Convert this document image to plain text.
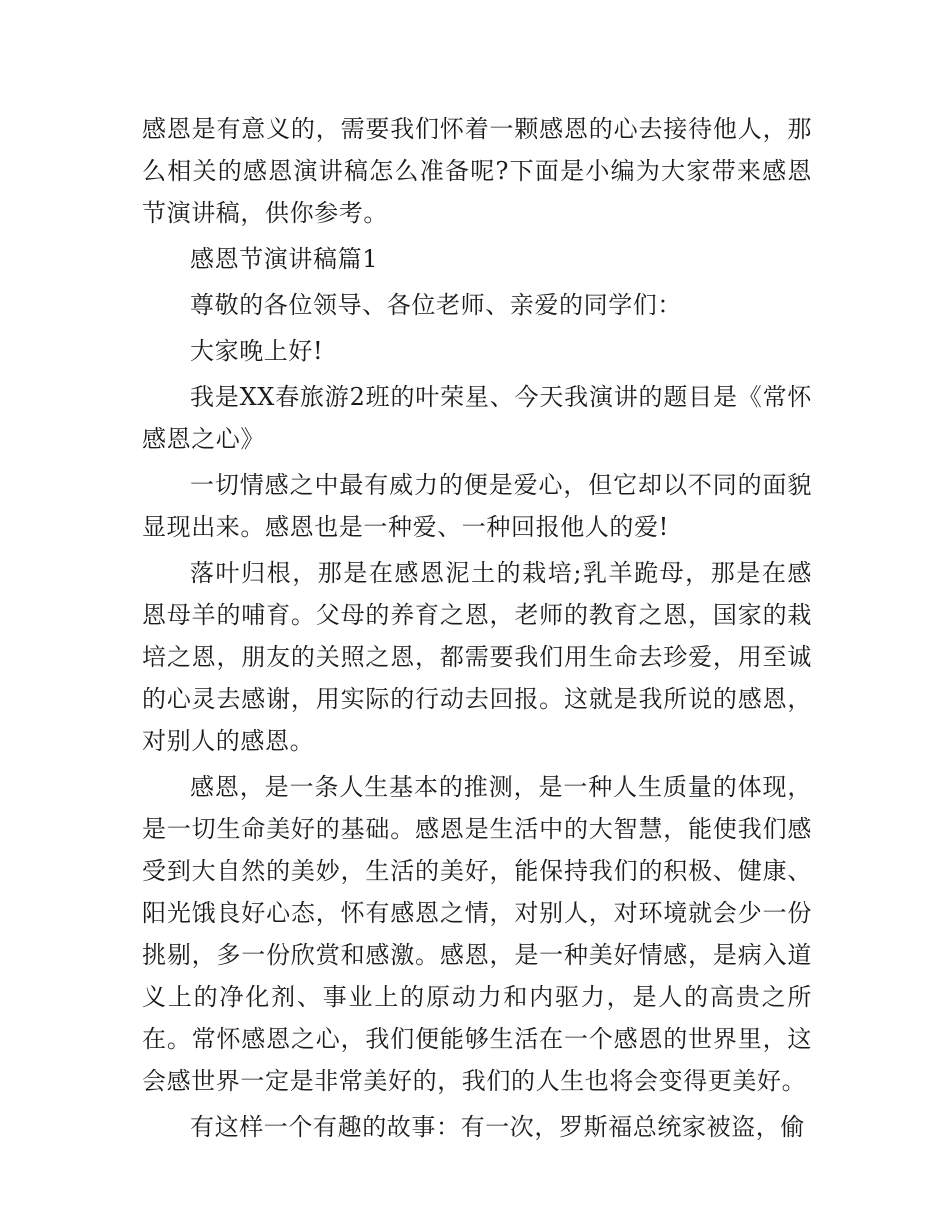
感恩是有意义的，需要我们怀着一颗感恩的心去接待他人，那么相关的感恩演讲稿怎么准备呢?下面是小编为大家带来感恩节演讲稿，供你参考。

感恩节演讲稿篇1

尊敬的各位领导、各位老师、亲爱的同学们：

大家晚上好!

我是XX春旅游2班的叶荣星、今天我演讲的题目是《常怀感恩之心》

一切情感之中最有威力的便是爱心，但它却以不同的面貌显现出来。感恩也是一种爱、一种回报他人的爱!

落叶归根，那是在感恩泥土的栽培;乳羊跪母，那是在感恩母羊的哺育。父母的养育之恩，老师的教育之恩，国家的栽培之恩，朋友的关照之恩，都需要我们用生命去珍爱，用至诚的心灵去感谢，用实际的行动去回报。这就是我所说的感恩，对别人的感恩。

感恩，是一条人生基本的推测，是一种人生质量的体现，是一切生命美好的基础。感恩是生活中的大智慧，能使我们感受到大自然的美妙，生活的美好，能保持我们的积极、健康、阳光饿良好心态，怀有感恩之情，对别人，对环境就会少一份挑剔，多一份欣赏和感激。感恩，是一种美好情感，是病入道义上的净化剂、事业上的原动力和内驱力，是人的高贵之所在。常怀感恩之心，我们便能够生活在一个感恩的世界里，这会感世界一定是非常美好的，我们的人生也将会变得更美好。

有这样一个有趣的故事：有一次，罗斯福总统家被盗，偷
